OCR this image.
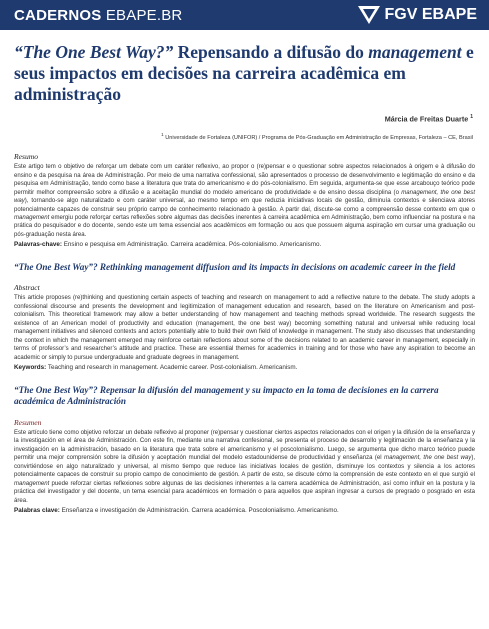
CADERNOS EBAPE.BR	FGV EBAPE
“The One Best Way?” Repensando a difusão do management e seus impactos em decisões na carreira acadêmica em administração
Márcia de Freitas Duarte $^1$
$^1$ Universidade de Fortaleza (UNIFOR) / Programa de Pós-Graduação em Administração de Empresas, Fortaleza – CE, Brasil
Resumo
Este artigo tem o objetivo de reforçar um debate com um caráter reflexivo, ao propor o (re)pensar e o questionar sobre aspectos relacionados à origem e à difusão do ensino e da pesquisa na área de Administração. Por meio de uma narrativa confessional, são apresentados o processo de desenvolvimento e legitimação do ensino e da pesquisa em Administração, tendo como base a literatura que trata do americanismo e do pós-colonialismo. Em seguida, argumenta-se que esse arcabouço teórico pode permitir melhor compreensão sobre a difusão e a aceitação mundial do modelo americano de produtividade e de ensino dessa disciplina (o management, the one best way), tornando-se algo naturalizado e com caráter universal, ao mesmo tempo em que reduzia iniciativas locais de gestão, diminuía contextos e silenciava atores potencialmente capazes de construir seu próprio campo de conhecimento relacionado à gestão. A partir daí, discute-se como a compreensão desse contexto em que o management emergiu pode reforçar certas reflexões sobre algumas das decisões inerentes à carreira acadêmica em Administração, bem como influenciar na postura e na prática do pesquisador e do docente, sendo este um tema essencial aos acadêmicos em formação ou aos que possuem alguma aspiração em cursar uma graduação ou pós-graduação nesta área.
Palavras-chave: Ensino e pesquisa em Administração. Carreira acadêmica. Pós-colonialismo. Americanismo.
“The One Best Way”? Rethinking management diffusion and its impacts in decisions on academic career in the field
Abstract
This article proposes (re)thinking and questioning certain aspects of teaching and research on management to add a reflective nature to the debate. The study adopts a confessional discourse and presents the development and legitimization of management education and research, based on the literature on Americanism and post-colonialism. This theoretical framework may allow a better understanding of how management and teaching methods spread worldwide. The research suggests the existence of an American model of productivity and education (management, the one best way) becoming something natural and universal while reducing local management initiatives and silenced contexts and actors potentially able to build their own field of knowledge in management. The study also discusses that understanding the context in which the management emerged may reinforce certain reflections about some of the decisions related to an academic career in management, especially in terms of professor’s and researcher’s attitude and practice. These are essential themes for academics in training and for those who have any aspiration to become an academic or simply to pursue undergraduate and graduate degrees in management.
Keywords: Teaching and research in management. Academic career. Post-colonialism. Americanism.
“The One Best Way”? Repensar la difusión del management y su impacto en la toma de decisiones en la carrera académica de Administración
Resumen
Este artículo tiene como objetivo reforzar un debate reflexivo al proponer (re)pensar y cuestionar ciertos aspectos relacionados con el origen y la difusión de la enseñanza y la investigación en el área de Administración. Con este fin, mediante una narrativa confesional, se presenta el proceso de desarrollo y legitimación de la enseñanza y la investigación en la administración, basado en la literatura que trata sobre el americanismo y el poscolonialismo. Luego, se argumenta que dicho marco teórico puede permitir una mejor comprensión sobre la difusión y aceptación mundial del modelo estadounidense de productividad y enseñanza (el management, the one best way), convirtiéndose en algo naturalizado y universal, al mismo tiempo que reduce las iniciativas locales de gestión, disminuye los contextos y silencia a los actores potencialmente capaces de construir su propio campo de conocimiento de gestión. A partir de esto, se discute cómo la comprensión de este contexto en el que surgió el management puede reforzar ciertas reflexiones sobre algunas de las decisiones inherentes a la carrera académica de Administración, así como influir en la postura y la práctica del investigador y del docente, un tema esencial para académicos en formación o para aquellos que aspiran ingresar a cursos de pregrado o posgrado en esta área.
Palabras clave: Enseñanza e investigación de Administración. Carrera académica. Poscolonialismo. Americanismo.
